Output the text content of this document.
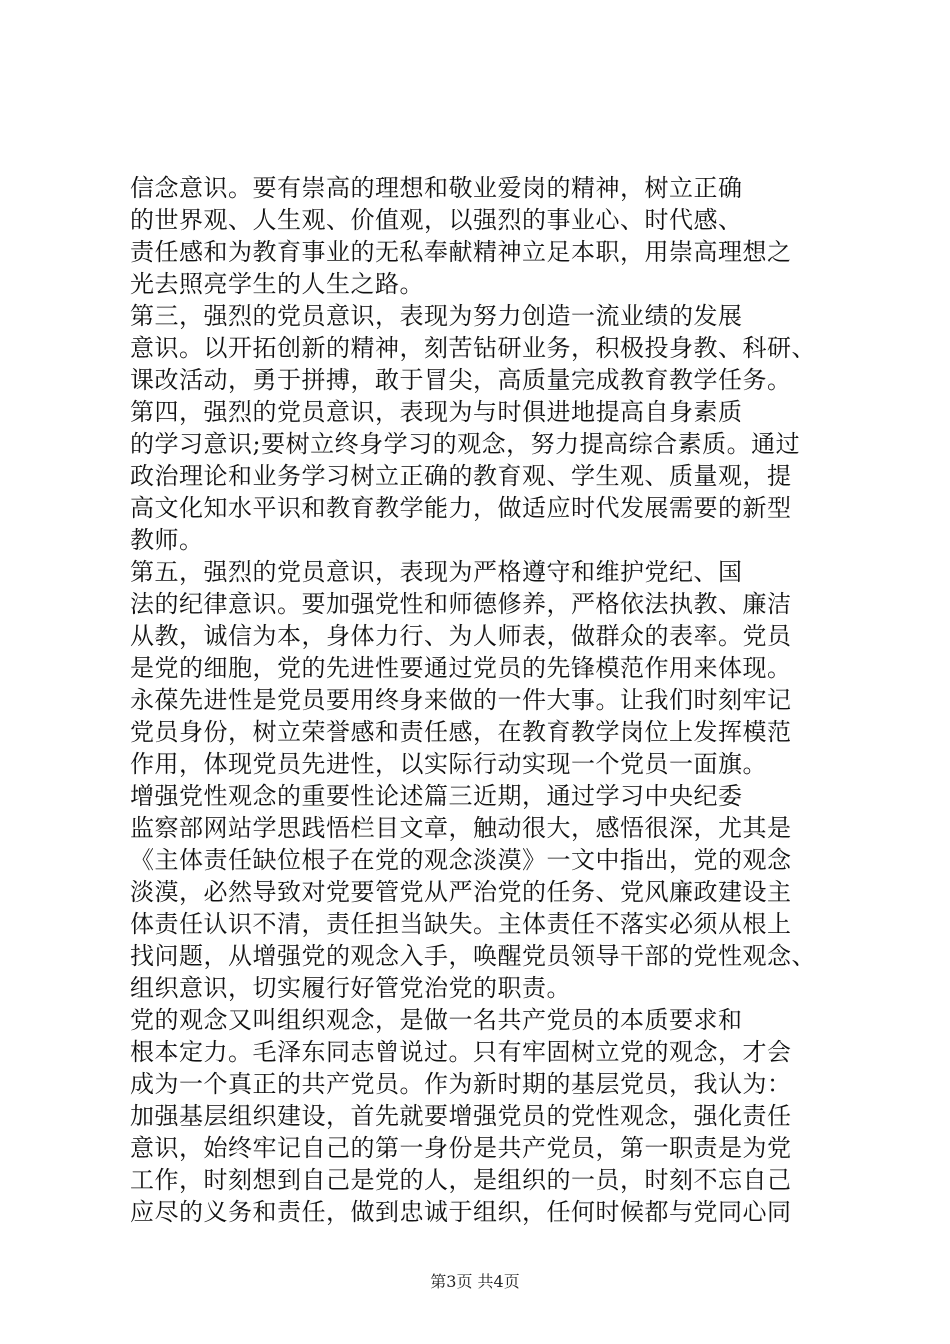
信念意识。要有崇高的理想和敬业爱岗的精神，树立正确
的世界观、人生观、价值观，以强烈的事业心、时代感、
责任感和为教育事业的无私奉献精神立足本职，用崇高理想之
光去照亮学生的人生之路。
第三，强烈的党员意识，表现为努力创造一流业绩的发展
意识。以开拓创新的精神，刻苦钻研业务，积极投身教、科研、
课改活动，勇于拼搏，敢于冒尖，高质量完成教育教学任务。
第四，强烈的党员意识，表现为与时俱进地提高自身素质
的学习意识;要树立终身学习的观念，努力提高综合素质。通过
政治理论和业务学习树立正确的教育观、学生观、质量观，提
高文化知水平识和教育教学能力，做适应时代发展需要的新型
教师。
第五，强烈的党员意识，表现为严格遵守和维护党纪、国
法的纪律意识。要加强党性和师德修养，严格依法执教、廉洁
从教，诚信为本，身体力行、为人师表，做群众的表率。党员
是党的细胞，党的先进性要通过党员的先锋模范作用来体现。
永葆先进性是党员要用终身来做的一件大事。让我们时刻牢记
党员身份，树立荣誉感和责任感，在教育教学岗位上发挥模范
作用，体现党员先进性，以实际行动实现一个党员一面旗。
增强党性观念的重要性论述篇三近期，通过学习中央纪委
监察部网站学思践悟栏目文章，触动很大，感悟很深，尤其是
《主体责任缺位根子在党的观念淡漠》一文中指出，党的观念
淡漠，必然导致对党要管党从严治党的任务、党风廉政建设主
体责任认识不清，责任担当缺失。主体责任不落实必须从根上
找问题，从增强党的观念入手，唤醒党员领导干部的党性观念、
组织意识，切实履行好管党治党的职责。
党的观念又叫组织观念，是做一名共产党员的本质要求和
根本定力。毛泽东同志曾说过。只有牢固树立党的观念，才会
成为一个真正的共产党员。作为新时期的基层党员，我认为：
加强基层组织建设，首先就要增强党员的党性观念，强化责任
意识，始终牢记自己的第一身份是共产党员，第一职责是为党
工作，时刻想到自己是党的人，是组织的一员，时刻不忘自己
应尽的义务和责任，做到忠诚于组织，任何时候都与党同心同
第3页 共4页
